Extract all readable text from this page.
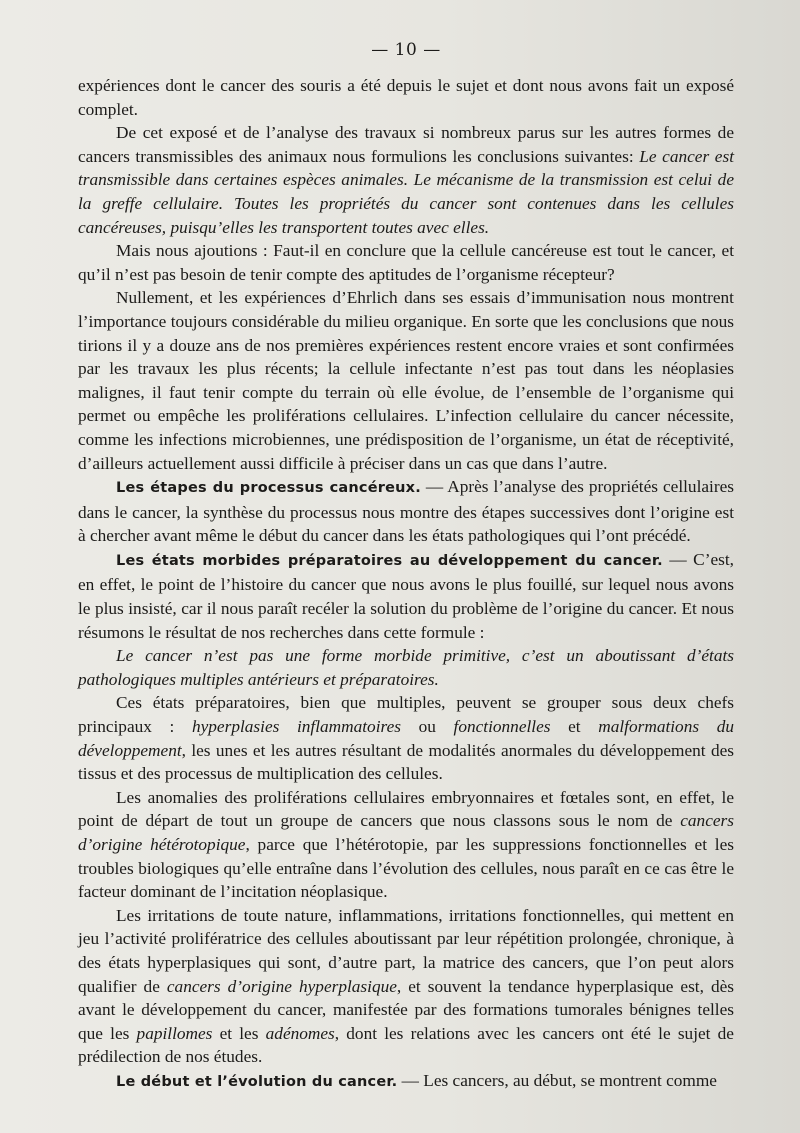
— 10 —

expériences dont le cancer des souris a été depuis le sujet et dont nous avons fait un exposé complet.

De cet exposé et de l’analyse des travaux si nombreux parus sur les autres formes de cancers transmissibles des animaux nous formulions les conclusions suivantes: Le cancer est transmissible dans certaines espèces animales. Le mécanisme de la transmission est celui de la greffe cellulaire. Toutes les propriétés du cancer sont contenues dans les cellules cancéreuses, puisqu’elles les transportent toutes avec elles.

Mais nous ajoutions : Faut-il en conclure que la cellule cancéreuse est tout le cancer, et qu’il n’est pas besoin de tenir compte des aptitudes de l’organisme récepteur?

Nullement, et les expériences d’Ehrlich dans ses essais d’immunisation nous montrent l’importance toujours considérable du milieu organique. En sorte que les conclusions que nous tirions il y a douze ans de nos premières expériences restent encore vraies et sont confirmées par les travaux les plus récents; la cellule infectante n’est pas tout dans les néoplasies malignes, il faut tenir compte du terrain où elle évolue, de l’ensemble de l’organisme qui permet ou empêche les proliférations cellulaires. L’infection cellulaire du cancer nécessite, comme les infections microbiennes, une prédisposition de l’organisme, un état de réceptivité, d’ailleurs actuellement aussi difficile à préciser dans un cas que dans l’autre.

Les étapes du processus cancéreux. — Après l’analyse des propriétés cellulaires dans le cancer, la synthèse du processus nous montre des étapes successives dont l’origine est à chercher avant même le début du cancer dans les états pathologiques qui l’ont précédé.

Les états morbides préparatoires au développement du cancer. — C’est, en effet, le point de l’histoire du cancer que nous avons le plus fouillé, sur lequel nous avons le plus insisté, car il nous paraît recéler la solution du problème de l’origine du cancer. Et nous résumons le résultat de nos recherches dans cette formule :

Le cancer n’est pas une forme morbide primitive, c’est un aboutissant d’états pathologiques multiples antérieurs et préparatoires.

Ces états préparatoires, bien que multiples, peuvent se grouper sous deux chefs principaux : hyperplasies inflammatoires ou fonctionnelles et malformations du développement, les unes et les autres résultant de modalités anormales du développement des tissus et des processus de multiplication des cellules.

Les anomalies des proliférations cellulaires embryonnaires et fœtales sont, en effet, le point de départ de tout un groupe de cancers que nous classons sous le nom de cancers d’origine hétérotopique, parce que l’hétérotopie, par les suppressions fonctionnelles et les troubles biologiques qu’elle entraîne dans l’évolution des cellules, nous paraît en ce cas être le facteur dominant de l’incitation néoplasique.

Les irritations de toute nature, inflammations, irritations fonctionnelles, qui mettent en jeu l’activité prolifératrice des cellules aboutissant par leur répétition prolongée, chronique, à des états hyperplasiques qui sont, d’autre part, la matrice des cancers, que l’on peut alors qualifier de cancers d’origine hyperplasique, et souvent la tendance hyperplasique est, dès avant le développement du cancer, manifestée par des formations tumorales bénignes telles que les papillomes et les adénomes, dont les relations avec les cancers ont été le sujet de prédilection de nos études.

Le début et l’évolution du cancer. — Les cancers, au début, se montrent comme
